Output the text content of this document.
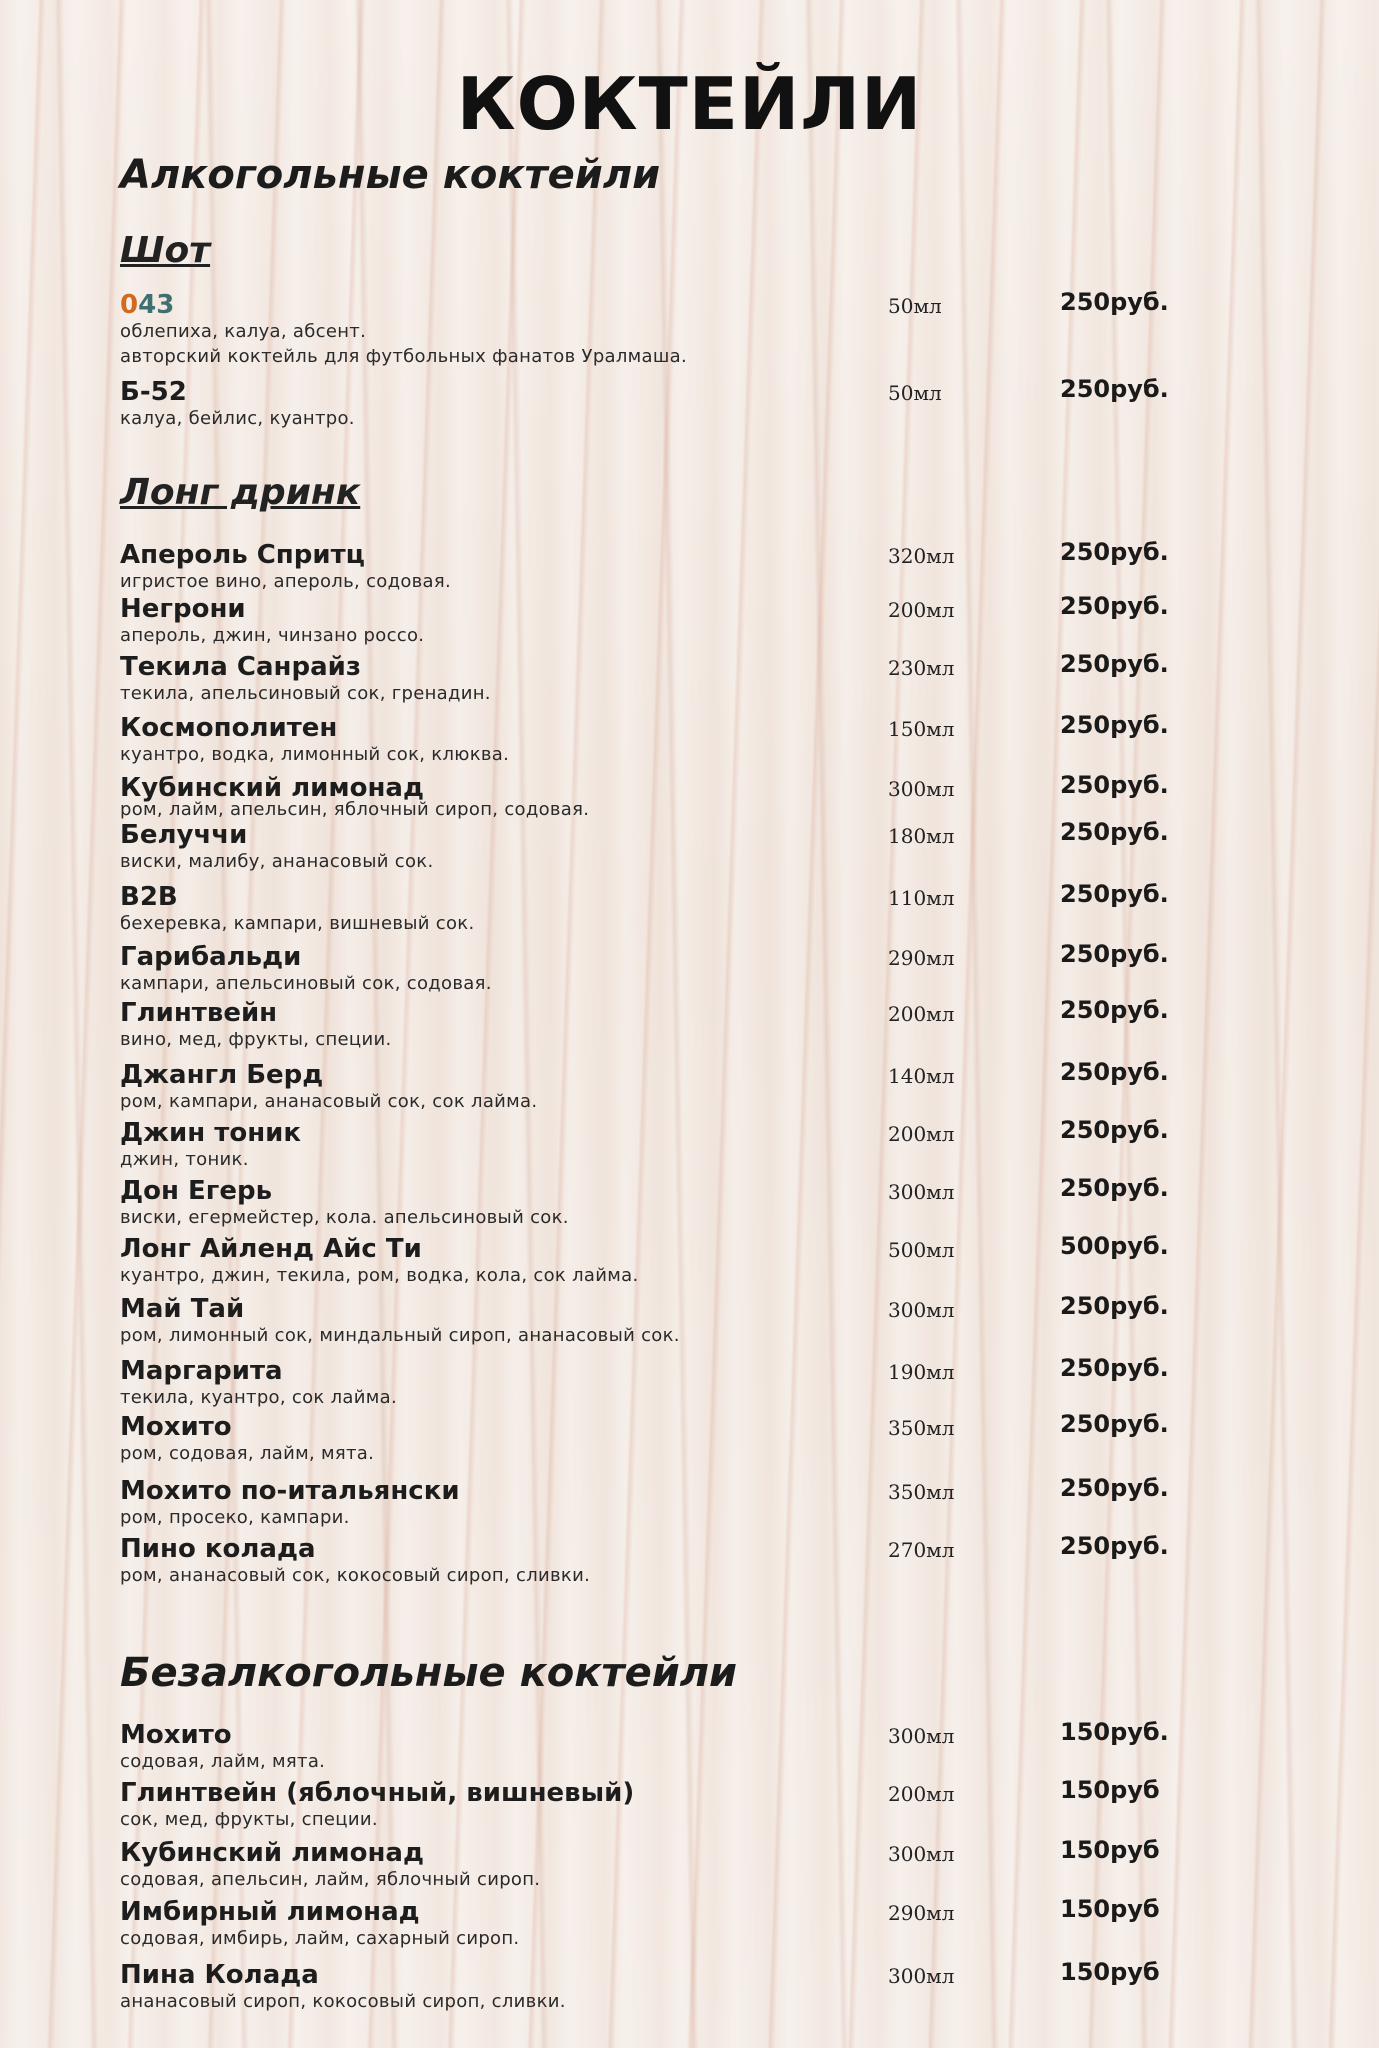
КОКТЕЙЛИ
Алкогольные коктейли
Шот
043
облепиха, калуа, абсент.
авторский коктейль для футбольных фанатов Уралмаша.
50мл	250руб.
Б-52
калуа, бейлис, куантро.
50мл	250руб.
Лонг дринк
Апероль Спритц
игристое вино, апероль, содовая.
320мл	250руб.
Негрони
апероль, джин, чинзано россо.
200мл	250руб.
Текила Санрайз
текила, апельсиновый сок, гренадин.
230мл	250руб.
Космополитен
куантро, водка, лимонный сок, клюква.
150мл	250руб.
Кубинский лимонад
ром, лайм, апельсин, яблочный сироп, содовая.
300мл	250руб.
Белуччи
виски, малибу, ананасовый сок.
180мл	250руб.
B2B
бехеревка, кампари, вишневый сок.
110мл	250руб.
Гарибальди
кампари, апельсиновый сок, содовая.
290мл	250руб.
Глинтвейн
вино, мед, фрукты, специи.
200мл	250руб.
Джангл Берд
ром, кампари, ананасовый сок, сок лайма.
140мл	250руб.
Джин тоник
джин, тоник.
200мл	250руб.
Дон Егерь
виски, егермейстер, кола. апельсиновый сок.
300мл	250руб.
Лонг Айленд Айс Ти
куантро, джин, текила, ром, водка, кола, сок лайма.
500мл	500руб.
Май Тай
ром, лимонный сок, миндальный сироп, ананасовый сок.
300мл	250руб.
Маргарита
текила, куантро, сок лайма.
190мл	250руб.
Мохито
ром, содовая, лайм, мята.
350мл	250руб.
Мохито по-итальянски
ром, просеко, кампари.
350мл	250руб.
Пино колада
ром, ананасовый сок, кокосовый сироп, сливки.
270мл	250руб.
Безалкогольные коктейли
Мохито
содовая, лайм, мята.
300мл	150руб.
Глинтвейн (яблочный, вишневый)
сок, мед, фрукты, специи.
200мл	150руб
Кубинский лимонад
содовая, апельсин, лайм, яблочный сироп.
300мл	150руб
Имбирный лимонад
содовая, имбирь, лайм, сахарный сироп.
290мл	150руб
Пина Колада
ананасовый сироп, кокосовый сироп, сливки.
300мл	150руб
